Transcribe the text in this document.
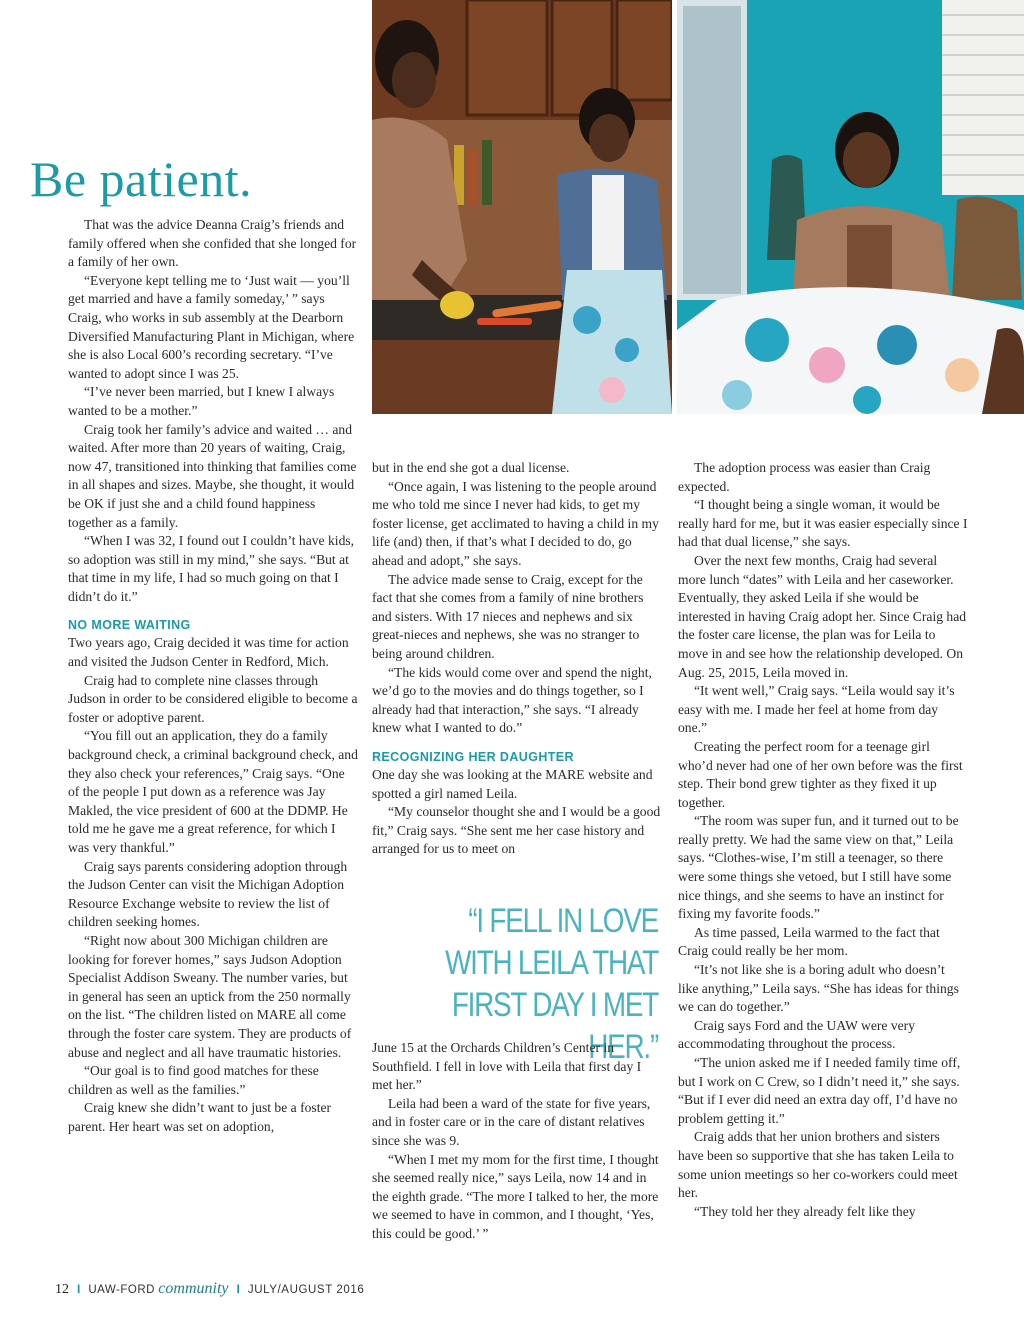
Be patient.

That was the advice Deanna Craig’s friends and family offered when she confided that she longed for a family of her own.

“Everyone kept telling me to ‘Just wait — you’ll get married and have a family someday,’ ” says Craig, who works in sub assembly at the Dearborn Diversified Manufacturing Plant in Michigan, where she is also Local 600’s recording secretary. “I’ve wanted to adopt since I was 25.

“I’ve never been married, but I knew I always wanted to be a mother.”

Craig took her family’s advice and waited … and waited. After more than 20 years of waiting, Craig, now 47, transitioned into thinking that families come in all shapes and sizes. Maybe, she thought, it would be OK if just she and a child found happiness together as a family.

“When I was 32, I found out I couldn’t have kids, so adoption was still in my mind,” she says. “But at that time in my life, I had so much going on that I didn’t do it.”

NO MORE WAITING

Two years ago, Craig decided it was time for action and visited the Judson Center in Redford, Mich.

Craig had to complete nine classes through Judson in order to be considered eligible to become a foster or adoptive parent.

“You fill out an application, they do a family background check, a criminal background check, and they also check your references,” Craig says. “One of the people I put down as a reference was Jay Makled, the vice president of 600 at the DDMP. He told me he gave me a great reference, for which I was very thankful.”

Craig says parents considering adoption through the Judson Center can visit the Michigan Adoption Resource Exchange website to review the list of children seeking homes.

“Right now about 300 Michigan children are looking for forever homes,” says Judson Adoption Specialist Addison Sweany. The number varies, but in general has seen an uptick from the 250 normally on the list. “The children listed on MARE all come through the foster care system. They are products of abuse and neglect and all have traumatic histories.

“Our goal is to find good matches for these children as well as the families.”

Craig knew she didn’t want to just be a foster parent. Her heart was set on adoption,

but in the end she got a dual license.

“Once again, I was listening to the people around me who told me since I never had kids, to get my foster license, get acclimated to having a child in my life (and) then, if that’s what I decided to do, go ahead and adopt,” she says.

The advice made sense to Craig, except for the fact that she comes from a family of nine brothers and sisters. With 17 nieces and nephews and six great-nieces and nephews, she was no stranger to being around children.

“The kids would come over and spend the night, we’d go to the movies and do things together, so I already had that interaction,” she says. “I already knew what I wanted to do.”

RECOGNIZING HER DAUGHTER

One day she was looking at the MARE website and spotted a girl named Leila.

“My counselor thought she and I would be a good fit,” Craig says. “She sent me her case history and arranged for us to meet on

“I FELL IN LOVE WITH LEILA THAT FIRST DAY I MET HER.”

June 15 at the Orchards Children’s Center in Southfield. I fell in love with Leila that first day I met her.”

Leila had been a ward of the state for five years, and in foster care or in the care of distant relatives since she was 9.

“When I met my mom for the first time, I thought she seemed really nice,” says Leila, now 14 and in the eighth grade. “The more I talked to her, the more we seemed to have in common, and I thought, ‘Yes, this could be good.’ ”

The adoption process was easier than Craig expected.

“I thought being a single woman, it would be really hard for me, but it was easier especially since I had that dual license,” she says.

Over the next few months, Craig had several more lunch “dates” with Leila and her caseworker. Eventually, they asked Leila if she would be interested in having Craig adopt her. Since Craig had the foster care license, the plan was for Leila to move in and see how the relationship developed. On Aug. 25, 2015, Leila moved in.

“It went well,” Craig says. “Leila would say it’s easy with me. I made her feel at home from day one.”

Creating the perfect room for a teenage girl who’d never had one of her own before was the first step. Their bond grew tighter as they fixed it up together.

“The room was super fun, and it turned out to be really pretty. We had the same view on that,” Leila says. “Clothes-wise, I’m still a teenager, so there were some things she vetoed, but I still have some nice things, and she seems to have an instinct for fixing my favorite foods.”

As time passed, Leila warmed to the fact that Craig could really be her mom.

“It’s not like she is a boring adult who doesn’t like anything,” Leila says. “She has ideas for things we can do together.”

Craig says Ford and the UAW were very accommodating throughout the process.

“The union asked me if I needed family time off, but I work on C Crew, so I didn’t need it,” she says. “But if I ever did need an extra day off, I’d have no problem getting it.”

Craig adds that her union brothers and sisters have been so supportive that she has taken Leila to some union meetings so her co-workers could meet her.

“They told her they already felt like they

12 I UAW-FORD community I JULY/AUGUST 2016
